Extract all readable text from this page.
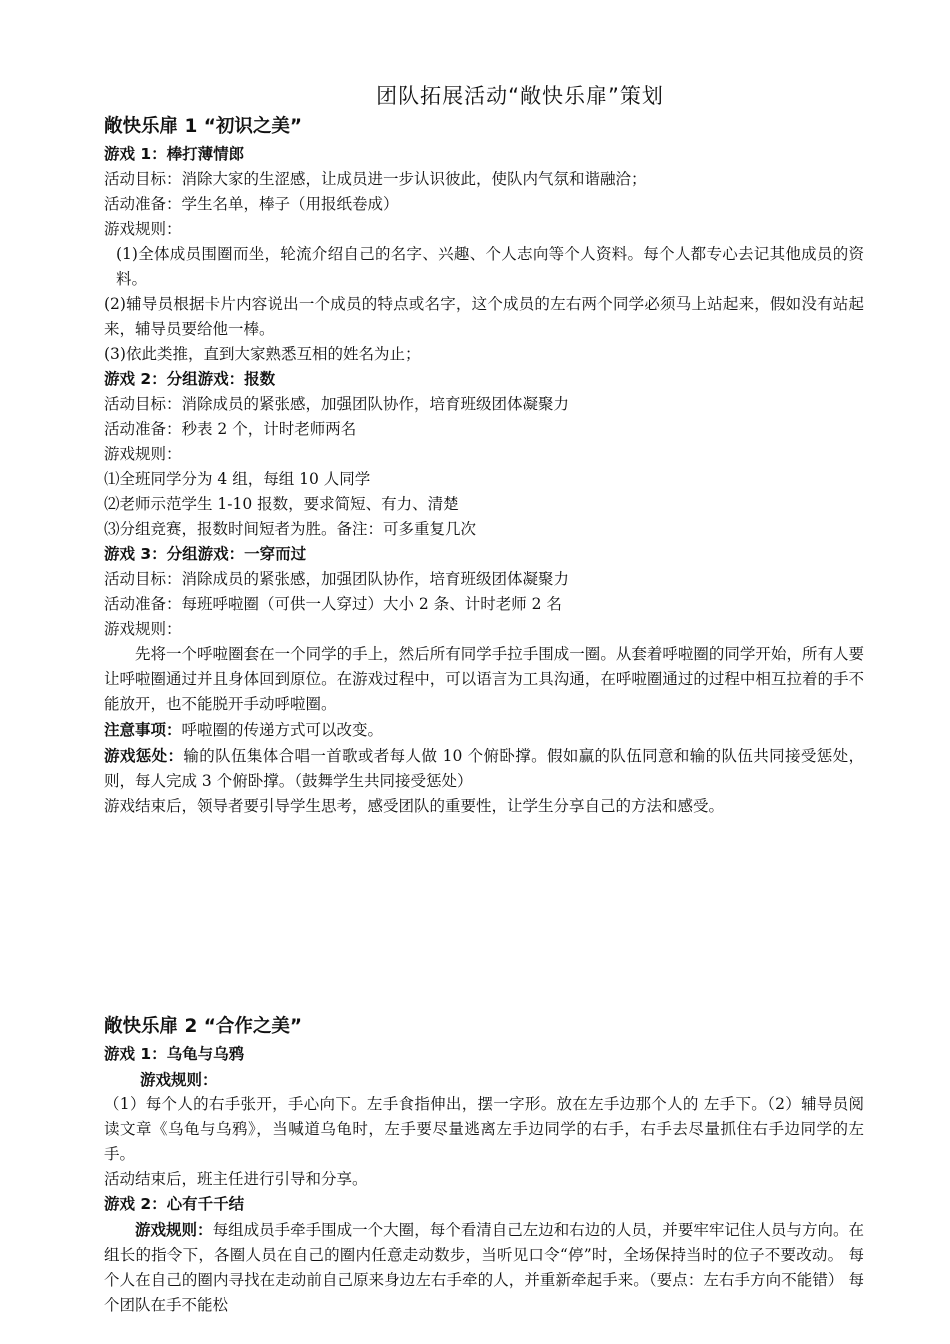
团队拓展活动“敞快乐扉”策划
敞快乐扉 1 “初识之美”
游戏 1：棒打薄情郎
活动目标：消除大家的生涩感，让成员进一步认识彼此，使队内气氛和谐融洽；
活动准备：学生名单，棒子（用报纸卷成）
游戏规则：
(1)全体成员围圈而坐，轮流介绍自己的名字、兴趣、个人志向等个人资料。每个人都专心去记其他成员的资料。
(2)辅导员根据卡片内容说出一个成员的特点或名字，这个成员的左右两个同学必须马上站起来，假如没有站起来，辅导员要给他一棒。
(3)依此类推，直到大家熟悉互相的姓名为止；
游戏 2：分组游戏：报数
活动目标：消除成员的紧张感，加强团队协作，培育班级团体凝聚力
活动准备：秒表 2 个，计时老师两名
游戏规则：
⑴全班同学分为 4 组，每组 10 人同学
⑵老师示范学生 1-10 报数，要求简短、有力、清楚
⑶分组竞赛，报数时间短者为胜。备注：可多重复几次
游戏 3：分组游戏：一穿而过
活动目标：消除成员的紧张感，加强团队协作，培育班级团体凝聚力
活动准备：每班呼啦圈（可供一人穿过）大小 2 条、计时老师 2 名
游戏规则：
先将一个呼啦圈套在一个同学的手上，然后所有同学手拉手围成一圈。从套着呼啦圈的同学开始，所有人要让呼啦圈通过并且身体回到原位。在游戏过程中，可以语言为工具沟通，在呼啦圈通过的过程中相互拉着的手不能放开，也不能脱开手动呼啦圈。
注意事项：呼啦圈的传递方式可以改变。
游戏惩处：输的队伍集体合唱一首歌或者每人做 10 个俯卧撑。假如赢的队伍同意和输的队伍共同接受惩处，则，每人完成 3 个俯卧撑。（鼓舞学生共同接受惩处）
游戏结束后，领导者要引导学生思考，感受团队的重要性，让学生分享自己的方法和感受。
敞快乐扉 2 “合作之美”
游戏 1：乌龟与乌鸦
游戏规则：
（1）每个人的右手张开，手心向下。左手食指伸出，摆一字形。放在左手边那个人的 左手下。（2）辅导员阅读文章《乌龟与乌鸦》，当喊道乌龟时，左手要尽量逃离左手边同学的右手，右手去尽量抓住右手边同学的左手。
活动结束后，班主任进行引导和分享。
游戏 2：心有千千结
游戏规则：每组成员手牵手围成一个大圈，每个看清自己左边和右边的人员，并要牢牢记住人员与方向。在组长的指令下，各圈人员在自己的圈内任意走动数步，当听见口令“停”时，全场保持当时的位子不要改动。 每个人在自己的圈内寻找在走动前自己原来身边左右手牵的人，并重新牵起手来。（要点：左右手方向不能错） 每个团队在手不能松
